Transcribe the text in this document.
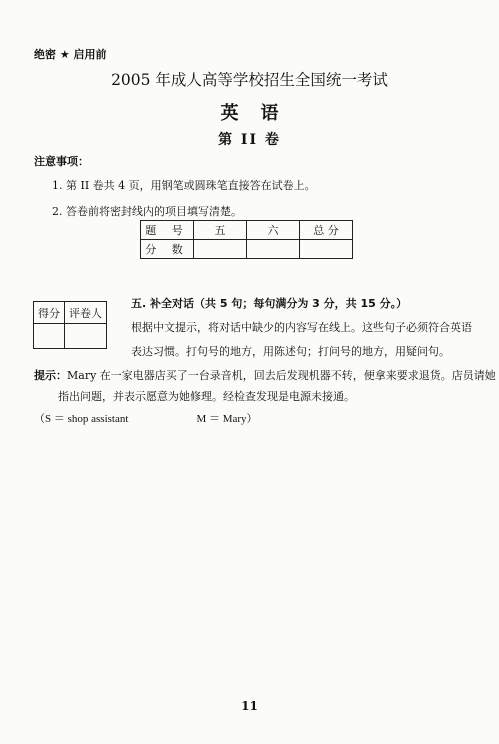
绝密 ★ 启用前
2005 年成人高等学校招生全国统一考试
英语
第 II 卷
注意事项：
1. 第 II 卷共 4 页，用钢笔或圆珠笔直接答在试卷上。
2. 答卷前将密封线内的项目填写清楚。
题 号	五	六	总 分
分 数			
得分	评卷人

五. 补全对话（共 5 句；每句满分为 3 分，共 15 分。）
根据中文提示，将对话中缺少的内容写在线上。这些句子必须符合英语
表达习惯。打句号的地方，用陈述句；打问号的地方，用疑问句。
提示：Mary 在一家电器店买了一台录音机，回去后发现机器不转，便拿来要求退货。店员请她
指出问题，并表示愿意为她修理。经检查发现是电源未接通。
（S ＝ shop assistant	M ＝ Mary）
11
